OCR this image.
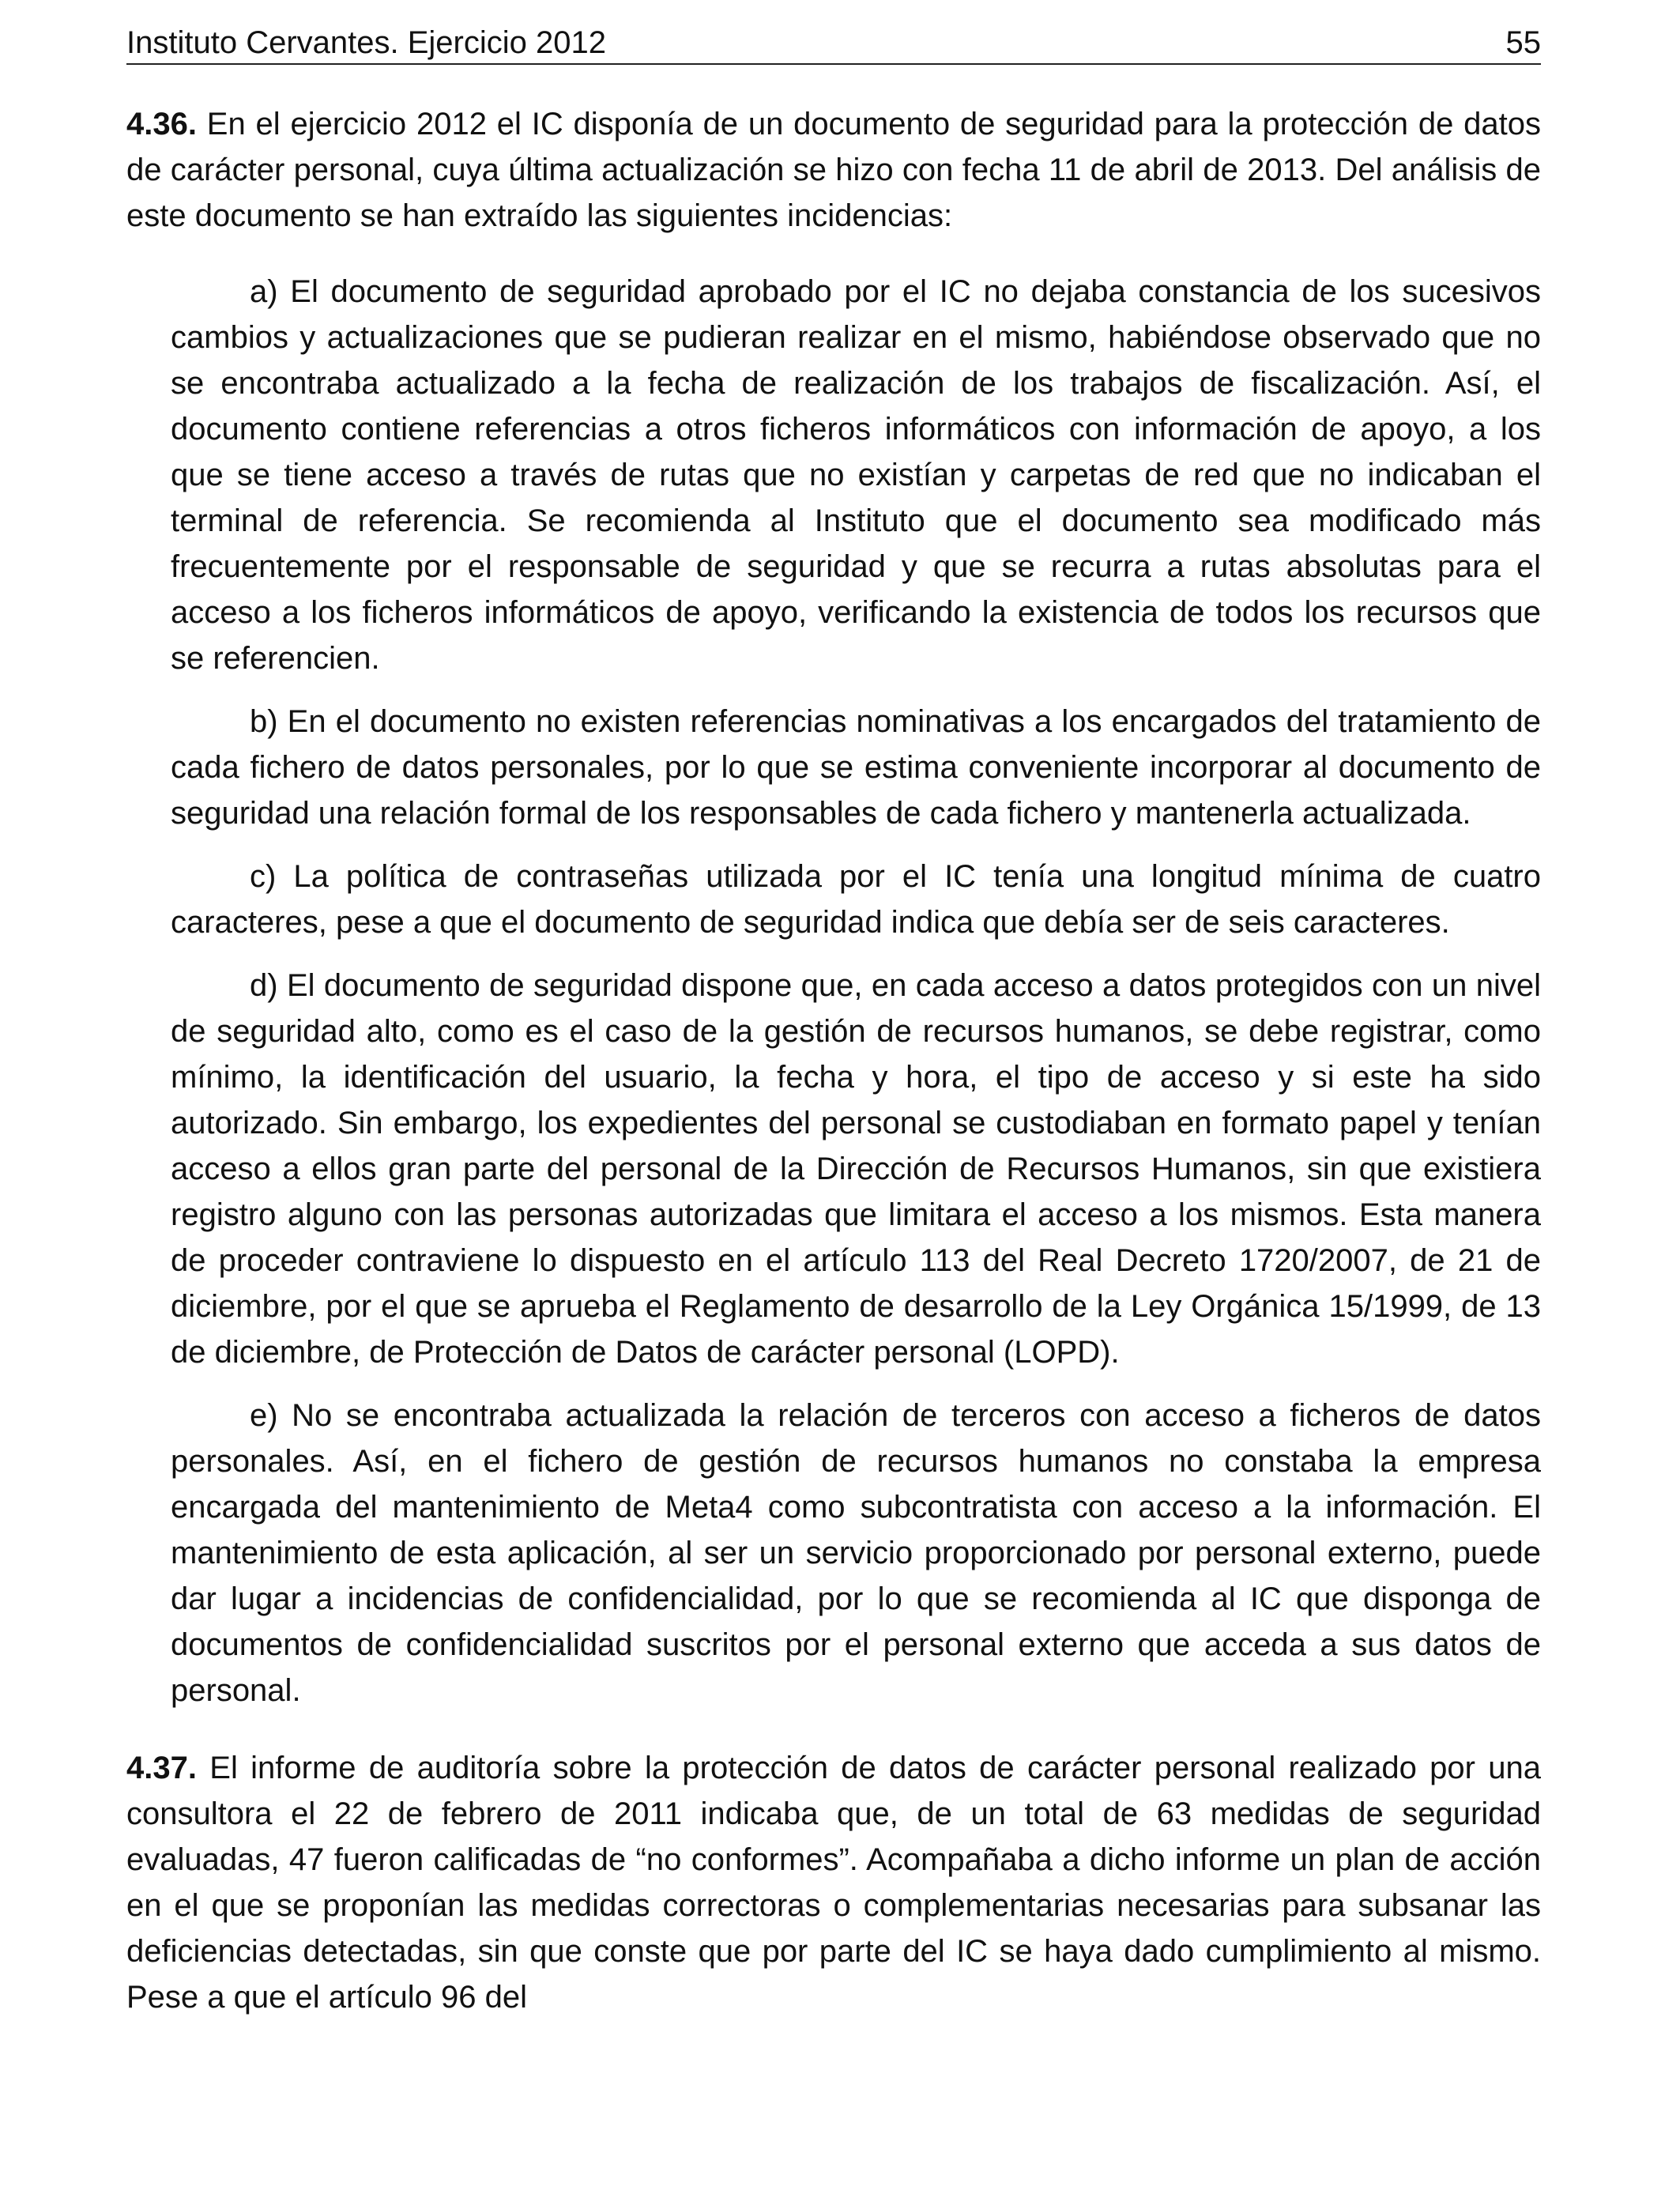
Instituto Cervantes. Ejercicio 2012	55

4.36. En el ejercicio 2012 el IC disponía de un documento de seguridad para la protección de datos de carácter personal, cuya última actualización se hizo con fecha 11 de abril de 2013. Del análisis de este documento se han extraído las siguientes incidencias:

a) El documento de seguridad aprobado por el IC no dejaba constancia de los sucesivos cambios y actualizaciones que se pudieran realizar en el mismo, habiéndose observado que no se encontraba actualizado a la fecha de realización de los trabajos de fiscalización. Así, el documento contiene referencias a otros ficheros informáticos con información de apoyo, a los que se tiene acceso a través de rutas que no existían y carpetas de red que no indicaban el terminal de referencia. Se recomienda al Instituto que el documento sea modificado más frecuentemente por el responsable de seguridad y que se recurra a rutas absolutas para el acceso a los ficheros informáticos de apoyo, verificando la existencia de todos los recursos que se referencien.

b) En el documento no existen referencias nominativas a los encargados del tratamiento de cada fichero de datos personales, por lo que se estima conveniente incorporar al documento de seguridad una relación formal de los responsables de cada fichero y mantenerla actualizada.

c) La política de contraseñas utilizada por el IC tenía una longitud mínima de cuatro caracteres, pese a que el documento de seguridad indica que debía ser de seis caracteres.

d) El documento de seguridad dispone que, en cada acceso a datos protegidos con un nivel de seguridad alto, como es el caso de la gestión de recursos humanos, se debe registrar, como mínimo, la identificación del usuario, la fecha y hora, el tipo de acceso y si este ha sido autorizado. Sin embargo, los expedientes del personal se custodiaban en formato papel y tenían acceso a ellos gran parte del personal de la Dirección de Recursos Humanos, sin que existiera registro alguno con las personas autorizadas que limitara el acceso a los mismos. Esta manera de proceder contraviene lo dispuesto en el artículo 113 del Real Decreto 1720/2007, de 21 de diciembre, por el que se aprueba el Reglamento de desarrollo de la Ley Orgánica 15/1999, de 13 de diciembre, de Protección de Datos de carácter personal (LOPD).

e) No se encontraba actualizada la relación de terceros con acceso a ficheros de datos personales. Así, en el fichero de gestión de recursos humanos no constaba la empresa encargada del mantenimiento de Meta4 como subcontratista con acceso a la información. El mantenimiento de esta aplicación, al ser un servicio proporcionado por personal externo, puede dar lugar a incidencias de confidencialidad, por lo que se recomienda al IC que disponga de documentos de confidencialidad suscritos por el personal externo que acceda a sus datos de personal.

4.37. El informe de auditoría sobre la protección de datos de carácter personal realizado por una consultora el 22 de febrero de 2011 indicaba que, de un total de 63 medidas de seguridad evaluadas, 47 fueron calificadas de “no conformes”. Acompañaba a dicho informe un plan de acción en el que se proponían las medidas correctoras o complementarias necesarias para subsanar las deficiencias detectadas, sin que conste que por parte del IC se haya dado cumplimiento al mismo. Pese a que el artículo 96 del
